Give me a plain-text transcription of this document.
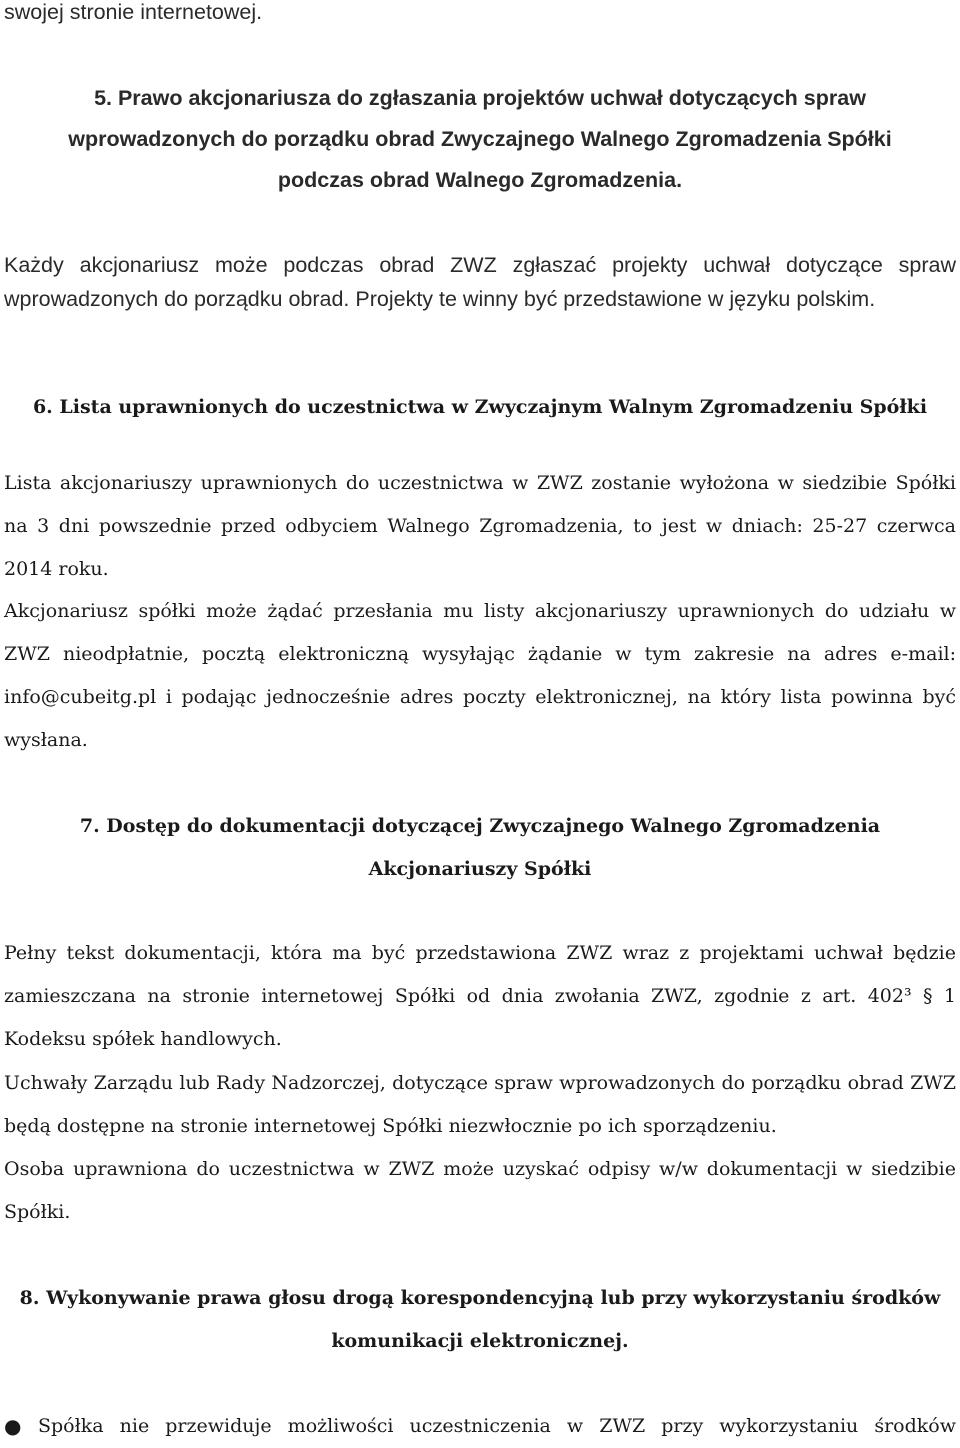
swojej stronie internetowej.

5. Prawo akcjonariusza do zgłaszania projektów uchwał dotyczących spraw
wprowadzonych do porządku obrad Zwyczajnego Walnego Zgromadzenia Spółki
podczas obrad Walnego Zgromadzenia.

Każdy akcjonariusz może podczas obrad ZWZ zgłaszać projekty uchwał dotyczące spraw wprowadzonych do porządku obrad. Projekty te winny być przedstawione w języku polskim.

6. Lista uprawnionych do uczestnictwa w Zwyczajnym Walnym Zgromadzeniu Spółki

Lista akcjonariuszy uprawnionych do uczestnictwa w ZWZ zostanie wyłożona w siedzibie Spółki na 3 dni powszednie przed odbyciem Walnego Zgromadzenia, to jest w dniach: 25-27 czerwca 2014 roku.

Akcjonariusz spółki może żądać przesłania mu listy akcjonariuszy uprawnionych do udziału w ZWZ nieodpłatnie, pocztą elektroniczną wysyłając żądanie w tym zakresie na adres e-mail: info@cubeitg.pl i podając jednocześnie adres poczty elektronicznej, na który lista powinna być wysłana.

7. Dostęp do dokumentacji dotyczącej Zwyczajnego Walnego Zgromadzenia
Akcjonariuszy Spółki

Pełny tekst dokumentacji, która ma być przedstawiona ZWZ wraz z projektami uchwał będzie zamieszczana na stronie internetowej Spółki od dnia zwołania ZWZ, zgodnie z art. 402³ § 1 Kodeksu spółek handlowych.

Uchwały Zarządu lub Rady Nadzorczej, dotyczące spraw wprowadzonych do porządku obrad ZWZ będą dostępne na stronie internetowej Spółki niezwłocznie po ich sporządzeniu.

Osoba uprawniona do uczestnictwa w ZWZ może uzyskać odpisy w/w dokumentacji w siedzibie Spółki.

8. Wykonywanie prawa głosu drogą korespondencyjną lub przy wykorzystaniu środków
komunikacji elektronicznej.
● Spółka nie przewiduje możliwości uczestniczenia w ZWZ przy wykorzystaniu środków
